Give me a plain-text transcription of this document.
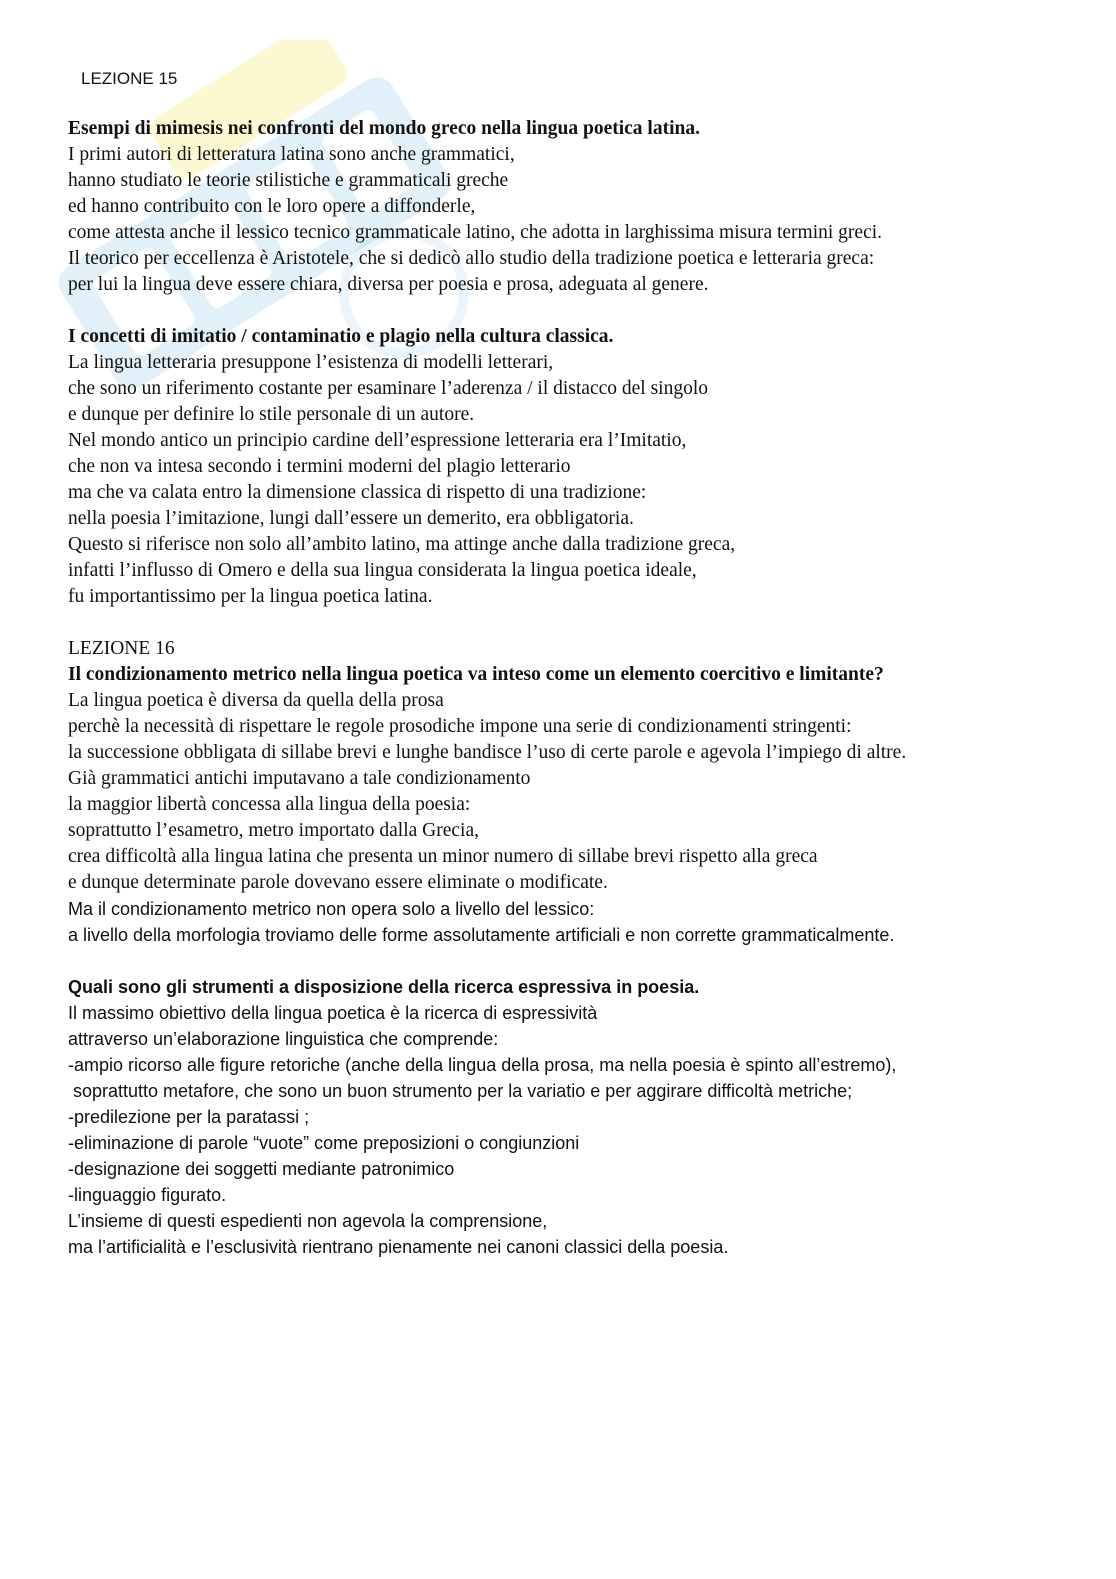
LEZIONE 15
Esempi di mimesis nei confronti del mondo greco nella lingua poetica latina.
I primi autori di letteratura latina sono anche grammatici,
hanno studiato le teorie stilistiche e grammaticali greche
ed hanno contribuito con le loro opere a diffonderle,
come attesta anche il lessico tecnico grammaticale latino, che adotta in larghissima misura termini greci.
Il teorico per eccellenza è Aristotele, che si dedicò allo studio della tradizione poetica e letteraria greca:
per lui la lingua deve essere chiara, diversa per poesia e prosa, adeguata al genere.
I concetti di imitatio / contaminatio e plagio nella cultura classica.
La lingua letteraria presuppone l’esistenza di modelli letterari,
che sono un riferimento costante per esaminare l’aderenza / il distacco del singolo
e dunque per definire lo stile personale di un autore.
Nel mondo antico un principio cardine dell’espressione letteraria era l’Imitatio,
che non va intesa secondo i termini moderni del plagio letterario
ma che va calata entro la dimensione classica di rispetto di una tradizione:
nella poesia l’imitazione, lungi dall’essere un demerito, era obbligatoria.
Questo si riferisce non solo all’ambito latino, ma attinge anche dalla tradizione greca,
infatti l’influsso di Omero e della sua lingua considerata la lingua poetica ideale,
fu importantissimo per la lingua poetica latina.
LEZIONE 16
Il condizionamento metrico nella lingua poetica va inteso come un elemento coercitivo e limitante?
La lingua poetica è diversa da quella della prosa
perchè la necessità di rispettare le regole prosodiche impone una serie di condizionamenti stringenti:
la successione obbligata di sillabe brevi e lunghe bandisce l’uso di certe parole e agevola l’impiego di altre.
Già grammatici antichi imputavano a tale condizionamento
la maggior libertà concessa alla lingua della poesia:
soprattutto l’esametro, metro importato dalla Grecia,
crea difficoltà alla lingua latina che presenta un minor numero di sillabe brevi rispetto alla greca
e dunque determinate parole dovevano essere eliminate o modificate.
Ma il condizionamento metrico non opera solo a livello del lessico:
a livello della morfologia troviamo delle forme assolutamente artificiali e non corrette grammaticalmente.
Quali sono gli strumenti a disposizione della ricerca espressiva in poesia.
Il massimo obiettivo della lingua poetica è la ricerca di espressività
attraverso un’elaborazione linguistica che comprende:
-ampio ricorso alle figure retoriche (anche della lingua della prosa, ma nella poesia è spinto all’estremo),
soprattutto metafore, che sono un buon strumento per la variatio e per aggirare difficoltà metriche;
-predilezione per la paratassi ;
-eliminazione di parole “vuote” come preposizioni o congiunzioni
-designazione dei soggetti mediante patronimico
-linguaggio figurato.
L’insieme di questi espedienti non agevola la comprensione,
ma l’artificialità e l’esclusività rientrano pienamente nei canoni classici della poesia.
